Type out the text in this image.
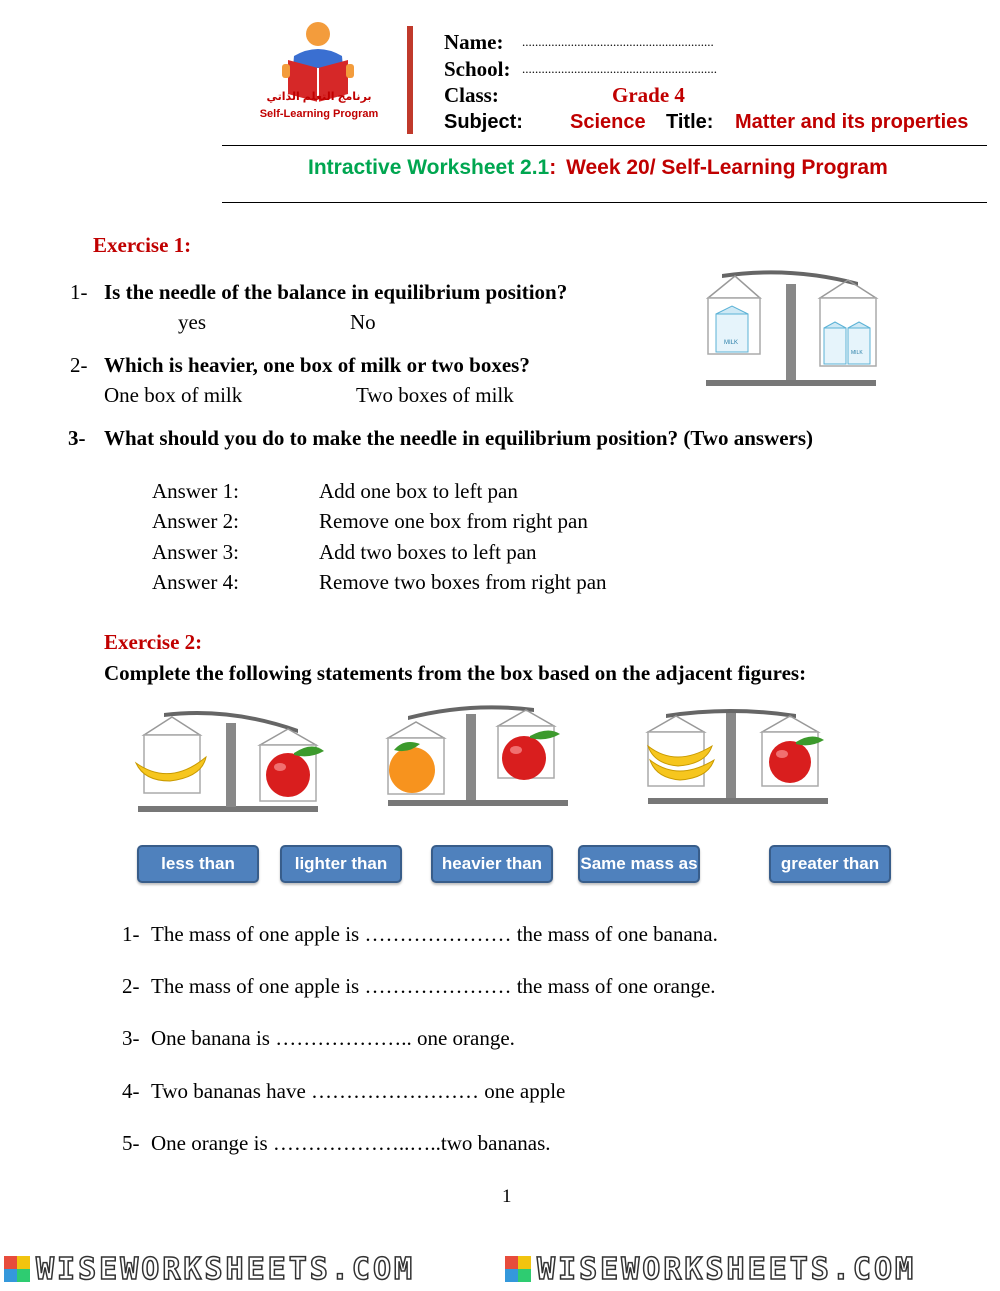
برنامج التعلم الذاتي
Self-Learning Program
Name: ...........................................................
School: ............................................................
Class:	Grade 4
Subject: Science Title: Matter and its properties
Intractive Worksheet 2.1: Week 20/ Self-Learning Program
Exercise 1:
1- Is the needle of the balance in equilibrium position?
yes	No
2- Which is heavier, one box of milk or two boxes?
One box of milk	Two boxes of milk
3- What should you do to make the needle in equilibrium position? (Two answers)
MILK
MILK
Answer 1:	Add one box to left pan
Answer 2:	Remove one box from right pan
Answer 3:	Add two boxes to left pan
Answer 4:	Remove two boxes from right pan
Exercise 2:
Complete the following statements from the box based on the adjacent figures:
less than	lighter than	heavier than	Same mass as	greater than
1- The mass of one apple is ………………… the mass of one banana.
2- The mass of one apple is ………………… the mass of one orange.
3- One banana is ……………….. one orange.
4- Two bananas have …………………… one apple
5- One orange is ………………..…..two bananas.
1
WISEWORKSHEETS.COM	WISEWORKSHEETS.COM
